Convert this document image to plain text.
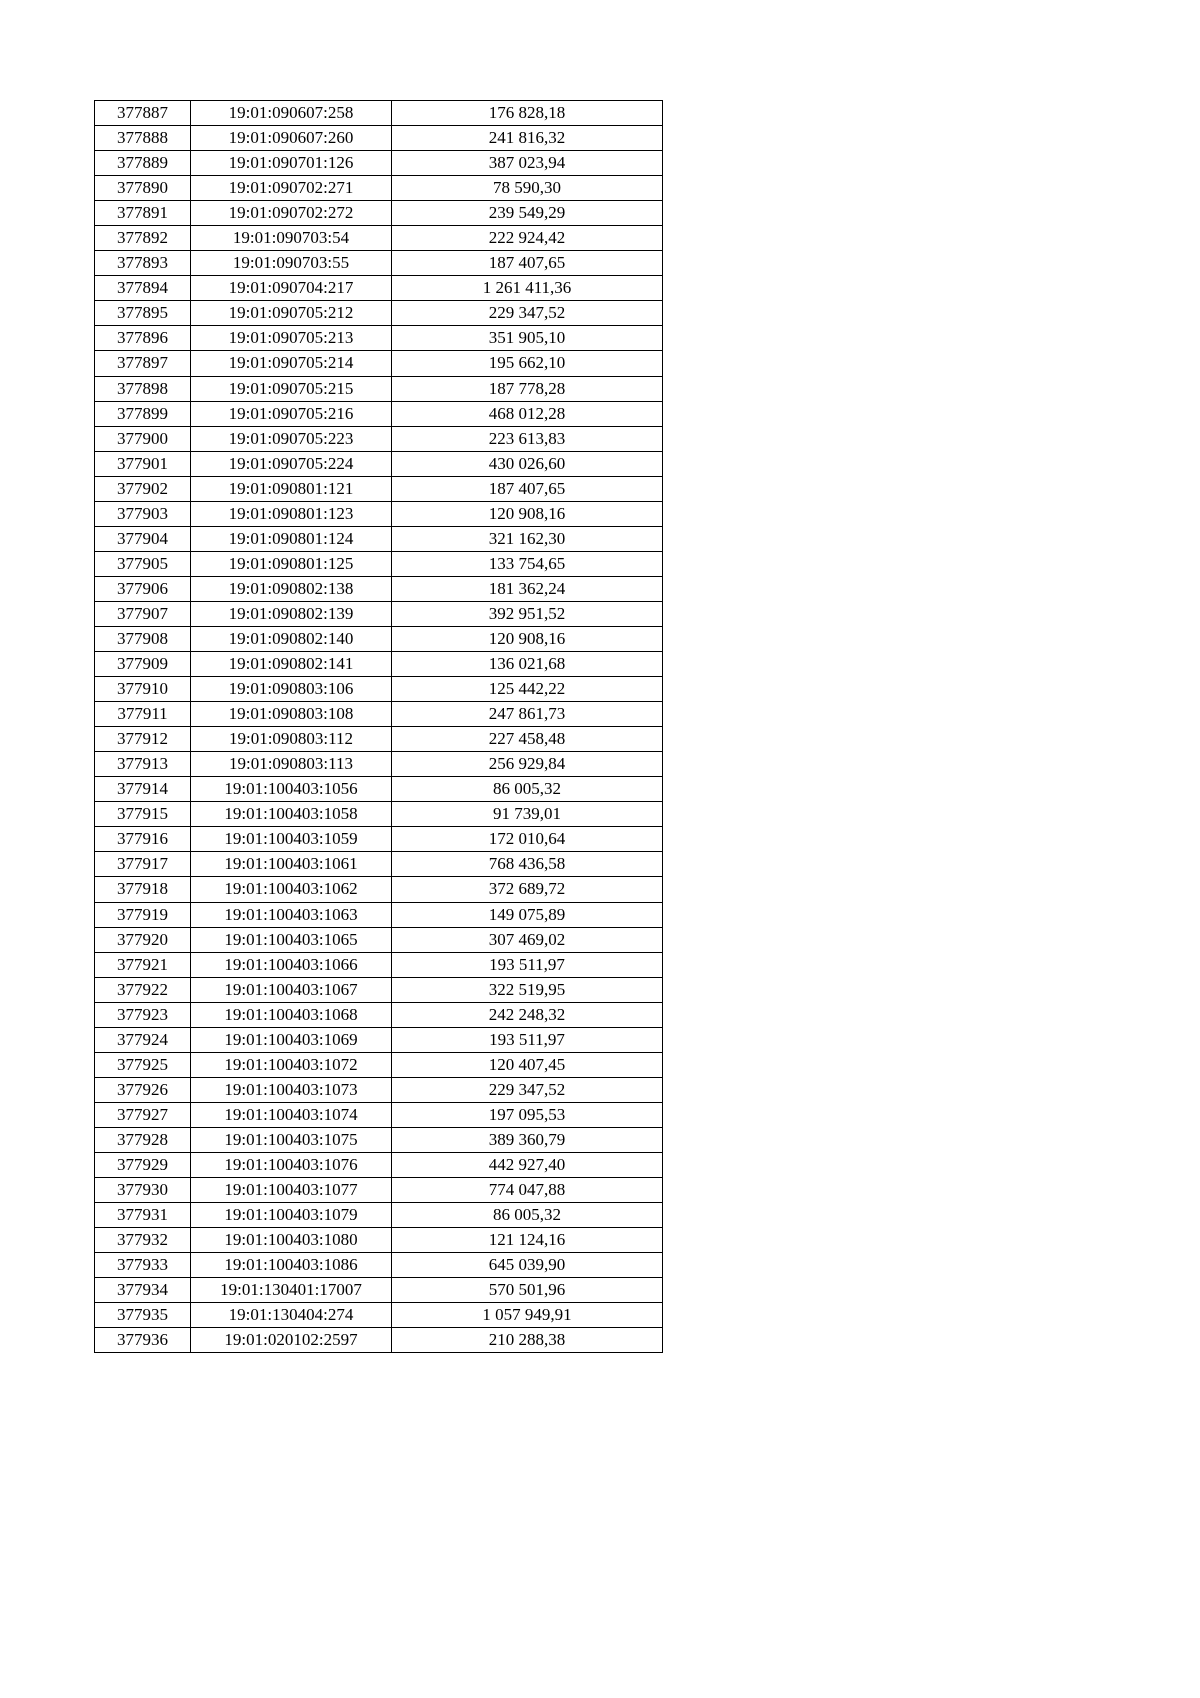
377887	19:01:090607:258	176 828,18
377888	19:01:090607:260	241 816,32
377889	19:01:090701:126	387 023,94
377890	19:01:090702:271	78 590,30
377891	19:01:090702:272	239 549,29
377892	19:01:090703:54	222 924,42
377893	19:01:090703:55	187 407,65
377894	19:01:090704:217	1 261 411,36
377895	19:01:090705:212	229 347,52
377896	19:01:090705:213	351 905,10
377897	19:01:090705:214	195 662,10
377898	19:01:090705:215	187 778,28
377899	19:01:090705:216	468 012,28
377900	19:01:090705:223	223 613,83
377901	19:01:090705:224	430 026,60
377902	19:01:090801:121	187 407,65
377903	19:01:090801:123	120 908,16
377904	19:01:090801:124	321 162,30
377905	19:01:090801:125	133 754,65
377906	19:01:090802:138	181 362,24
377907	19:01:090802:139	392 951,52
377908	19:01:090802:140	120 908,16
377909	19:01:090802:141	136 021,68
377910	19:01:090803:106	125 442,22
377911	19:01:090803:108	247 861,73
377912	19:01:090803:112	227 458,48
377913	19:01:090803:113	256 929,84
377914	19:01:100403:1056	86 005,32
377915	19:01:100403:1058	91 739,01
377916	19:01:100403:1059	172 010,64
377917	19:01:100403:1061	768 436,58
377918	19:01:100403:1062	372 689,72
377919	19:01:100403:1063	149 075,89
377920	19:01:100403:1065	307 469,02
377921	19:01:100403:1066	193 511,97
377922	19:01:100403:1067	322 519,95
377923	19:01:100403:1068	242 248,32
377924	19:01:100403:1069	193 511,97
377925	19:01:100403:1072	120 407,45
377926	19:01:100403:1073	229 347,52
377927	19:01:100403:1074	197 095,53
377928	19:01:100403:1075	389 360,79
377929	19:01:100403:1076	442 927,40
377930	19:01:100403:1077	774 047,88
377931	19:01:100403:1079	86 005,32
377932	19:01:100403:1080	121 124,16
377933	19:01:100403:1086	645 039,90
377934	19:01:130401:17007	570 501,96
377935	19:01:130404:274	1 057 949,91
377936	19:01:020102:2597	210 288,38
